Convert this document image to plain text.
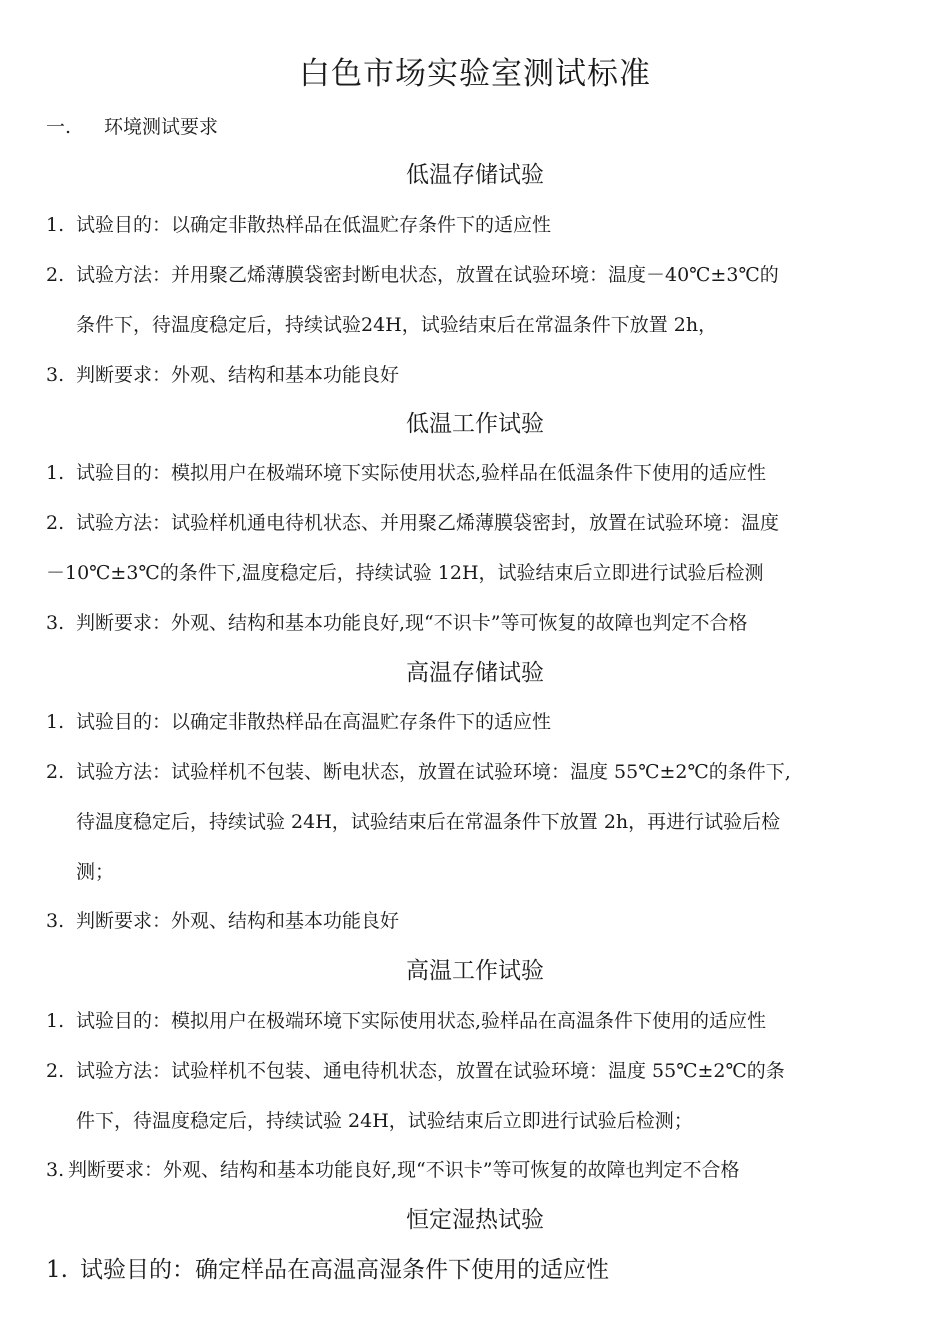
白色市场实验室测试标准
一. 环境测试要求
低温存储试验
1. 试验目的：以确定非散热样品在低温贮存条件下的适应性
2. 试验方法：并用聚乙烯薄膜袋密封断电状态，放置在试验环境：温度－40℃±3℃的
条件下，待温度稳定后，持续试验24H，试验结束后在常温条件下放置 2h，
3. 判断要求：外观、结构和基本功能良好
低温工作试验
1. 试验目的：模拟用户在极端环境下实际使用状态,验样品在低温条件下使用的适应性
2. 试验方法：试验样机通电待机状态、并用聚乙烯薄膜袋密封，放置在试验环境：温度
－10℃±3℃的条件下,温度稳定后，持续试验 12H，试验结束后立即进行试验后检测
3. 判断要求：外观、结构和基本功能良好,现“不识卡”等可恢复的故障也判定不合格
高温存储试验
1. 试验目的：以确定非散热样品在高温贮存条件下的适应性
2. 试验方法：试验样机不包装、断电状态，放置在试验环境：温度 55℃±2℃的条件下,
待温度稳定后，持续试验 24H，试验结束后在常温条件下放置 2h，再进行试验后检
测；
3. 判断要求：外观、结构和基本功能良好
高温工作试验
1. 试验目的：模拟用户在极端环境下实际使用状态,验样品在高温条件下使用的适应性
2. 试验方法：试验样机不包装、通电待机状态，放置在试验环境：温度 55℃±2℃的条
件下，待温度稳定后，持续试验 24H，试验结束后立即进行试验后检测；
3. 判断要求：外观、结构和基本功能良好,现“不识卡”等可恢复的故障也判定不合格
恒定湿热试验
1. 试验目的：确定样品在高温高湿条件下使用的适应性
